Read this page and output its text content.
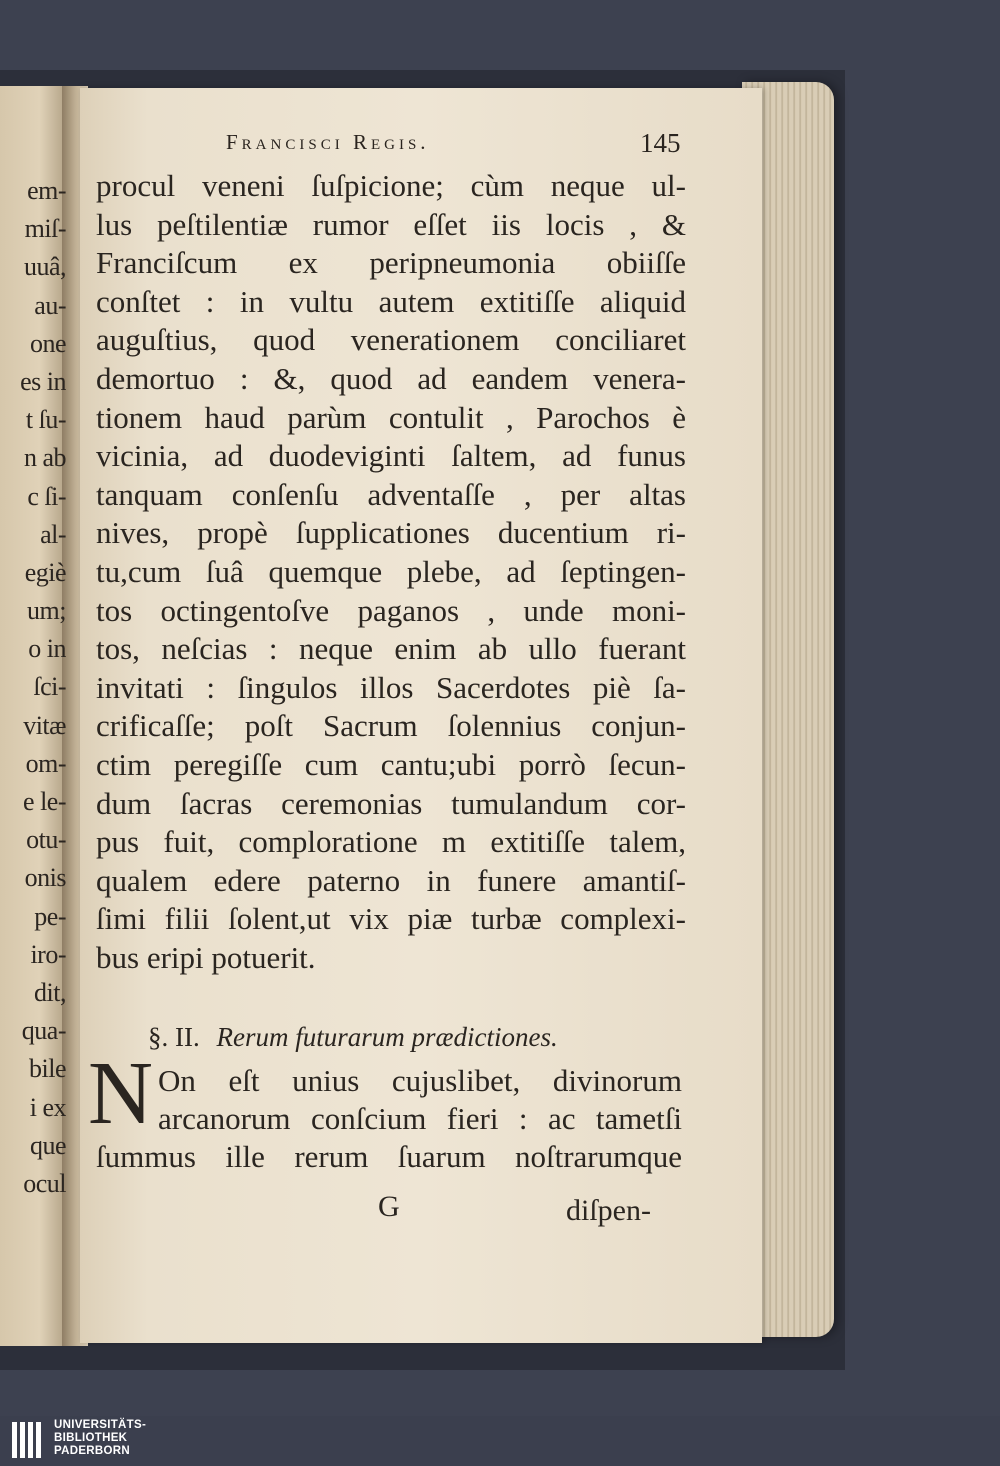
em-
miſ-
uuâ,
au-
one
es in
t ſu-
n ab
c ſi-
al-
egiè
um;
o in
ſci-
vitæ
om-
e le-
otu-
onis
pe-
iro-
dit,
qua-
bile
i ex
que
ocul
Francisci Regis.	145
procul veneni ſuſpicione; cùm neque ul-
lus peſtilentiæ rumor eſſet iis locis , &
Franciſcum ex peripneumonia obiiſſe
conſtet : in vultu autem extitiſſe aliquid
auguſtius, quod venerationem conciliaret
demortuo : &, quod ad eandem venera-
tionem haud parùm contulit , Parochos è
vicinia, ad duodeviginti ſaltem, ad funus
tanquam conſenſu adventaſſe , per altas
nives, propè ſupplicationes ducentium ri-
tu,cum ſuâ quemque plebe, ad ſeptingen-
tos octingentoſve paganos , unde moni-
tos, neſcias : neque enim ab ullo fuerant
invitati : ſingulos illos Sacerdotes piè ſa-
crificaſſe; poſt Sacrum ſolennius conjun-
ctim peregiſſe cum cantu;ubi porrò ſecun-
dum ſacras ceremonias tumulandum cor-
pus fuit, comploratione m extitiſſe talem,
qualem edere paterno in funere amantiſ-
ſimi filii ſolent,ut vix piæ turbæ complexi-
bus eripi potuerit.
§. II. Rerum futurarum prædictiones.
N On eſt unius cujuslibet, divinorum
arcanorum conſcium fieri : ac tametſi
ſummus ille rerum ſuarum noſtrarumque
G	diſpen-
UNIVERSITÄTS-
BIBLIOTHEK
PADERBORN
